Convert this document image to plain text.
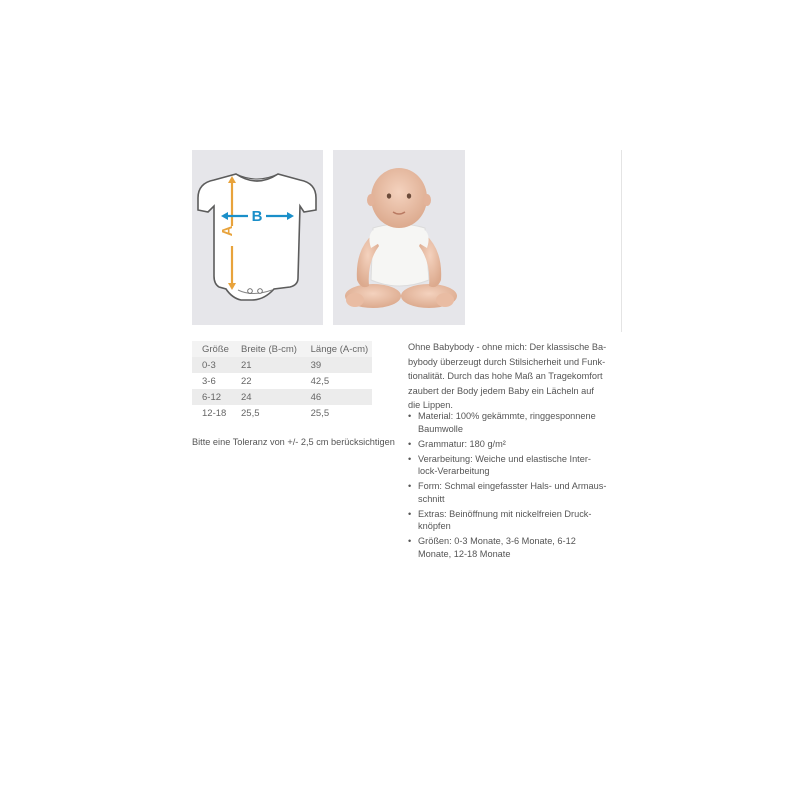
B
A
Größe	Breite (B-cm)	Länge (A-cm)
0-3	21	39
3-6	22	42,5
6-12	24	46
12-18	25,5	25,5
Bitte eine Toleranz von +/- 2,5 cm berücksichtigen
Ohne Babybody - ohne mich: Der klassische Ba-
bybody überzeugt durch Stilsicherheit und Funk-
tionalität. Durch das hohe Maß an Tragekomfort
zaubert der Body jedem Baby ein Lächeln auf
die Lippen.
• Material: 100% gekämmte, ringgesponnene
Baumwolle
• Grammatur: 180 g/m²
• Verarbeitung: Weiche und elastische Inter-
lock-Verarbeitung
• Form: Schmal eingefasster Hals- und Armaus-
schnitt
• Extras: Beinöffnung mit nickelfreien Druck-
knöpfen
• Größen: 0-3 Monate, 3-6 Monate, 6-12
Monate, 12-18 Monate
